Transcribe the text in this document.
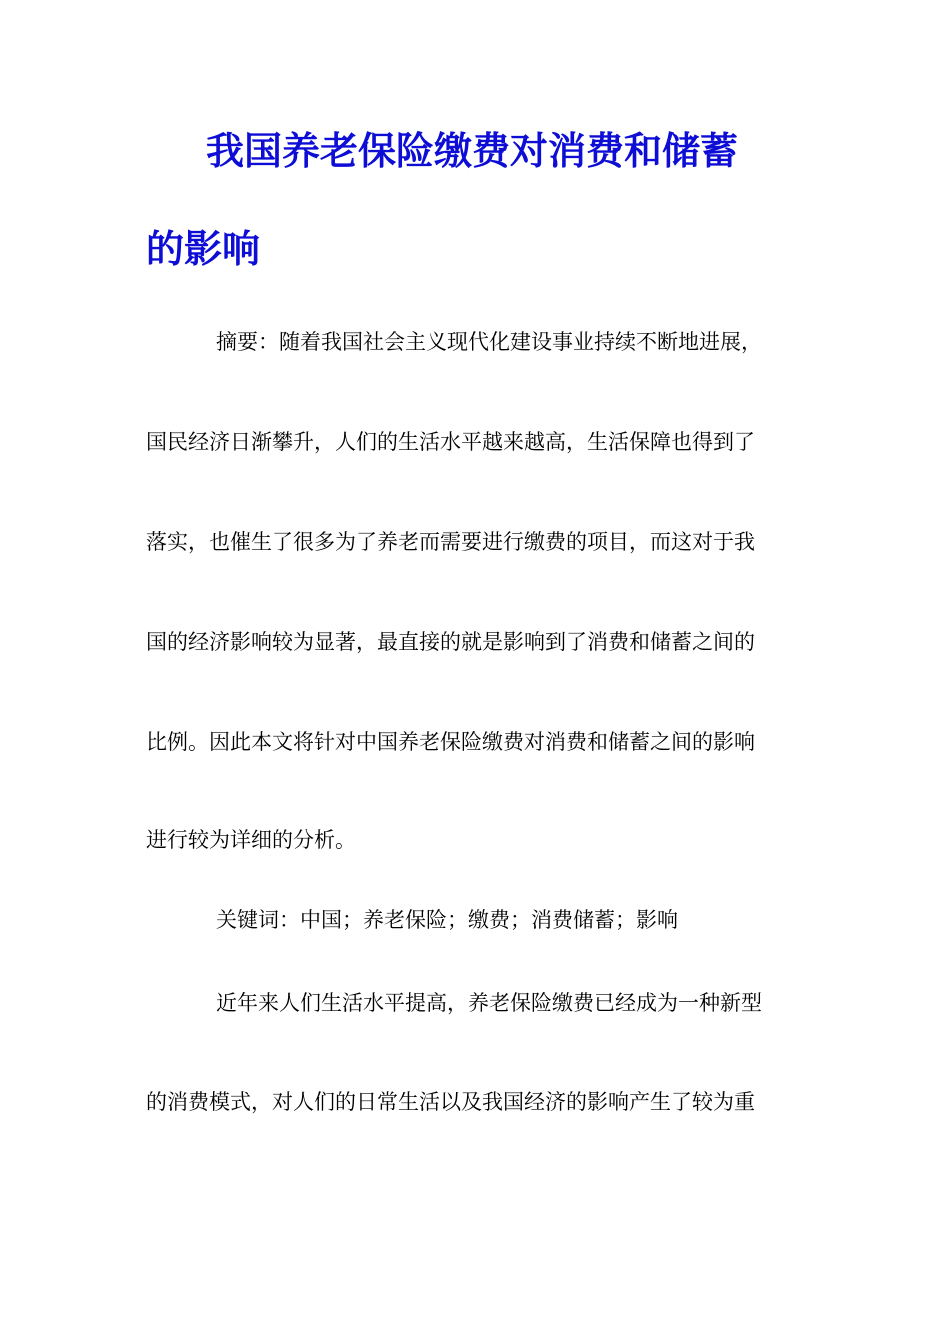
我国养老保险缴费对消费和储蓄
的影响
摘要：随着我国社会主义现代化建设事业持续不断地进展，
国民经济日渐攀升，人们的生活水平越来越高，生活保障也得到了
落实，也催生了很多为了养老而需要进行缴费的项目，而这对于我
国的经济影响较为显著，最直接的就是影响到了消费和储蓄之间的
比例。因此本文将针对中国养老保险缴费对消费和储蓄之间的影响
进行较为详细的分析。
关键词：中国；养老保险；缴费；消费储蓄；影响
近年来人们生活水平提高，养老保险缴费已经成为一种新型
的消费模式，对人们的日常生活以及我国经济的影响产生了较为重
